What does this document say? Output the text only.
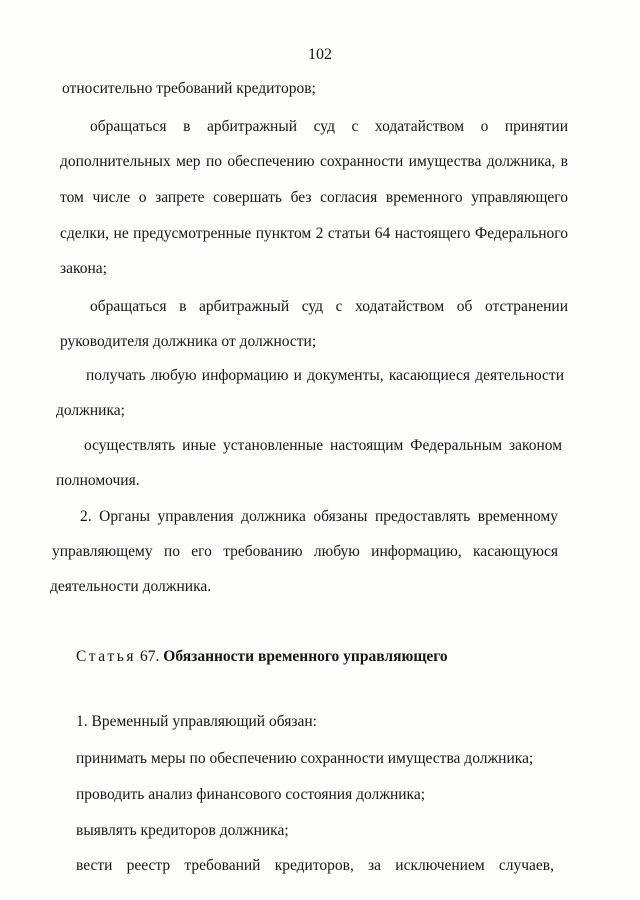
102
относительно требований кредиторов;
обращаться в арбитражный суд с ходатайством о принятии
дополнительных мер по обеспечению сохранности имущества должника, в
том числе о запрете совершать без согласия временного управляющего
сделки, не предусмотренные пунктом 2 статьи 64 настоящего Федерального
закона;
обращаться в арбитражный суд с ходатайством об отстранении
руководителя должника от должности;
получать любую информацию и документы, касающиеся деятельности
должника;
осуществлять иные установленные настоящим Федеральным законом
полномочия.
2. Органы управления должника обязаны предоставлять временному
управляющему по его требованию любую информацию, касающуюся
деятельности должника.
Статья 67. Обязанности временного управляющего
1. Временный управляющий обязан:
принимать меры по обеспечению сохранности имущества должника;
проводить анализ финансового состояния должника;
выявлять кредиторов должника;
вести реестр требований кредиторов, за исключением случаев,
